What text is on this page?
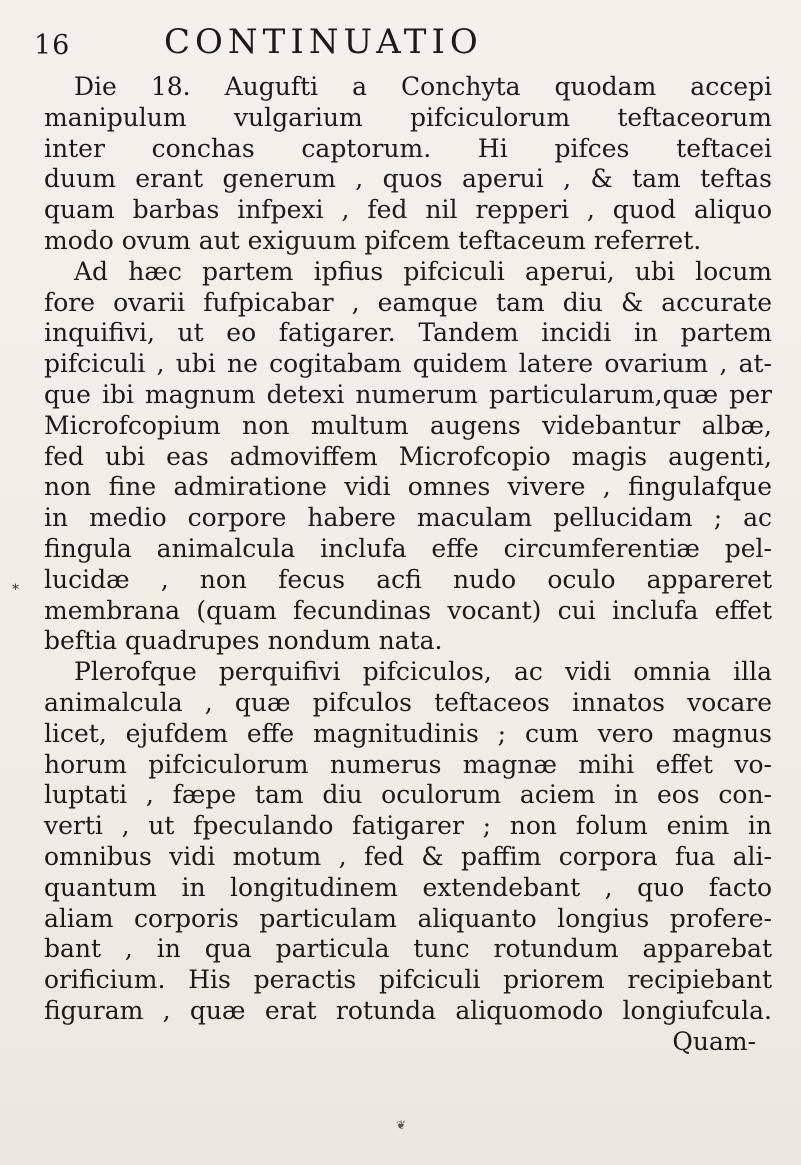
16	CONTINUATIO
*

Die 18. Augufti a Conchyta quodam accepi
manipulum vulgarium pifciculorum teftaceorum
inter conchas captorum. Hi pifces teftacei
duum erant generum , quos aperui , & tam teftas
quam barbas infpexi , fed nil repperi , quod aliquo
modo ovum aut exiguum pifcem teftaceum referret.

Ad hæc partem ipfius pifciculi aperui, ubi locum
fore ovarii fufpicabar , eamque tam diu & accurate
inquifivi, ut eo fatigarer. Tandem incidi in partem
pifciculi , ubi ne cogitabam quidem latere ovarium , at-
que ibi magnum detexi numerum particularum,quæ per
Microfcopium non multum augens videbantur albæ,
fed ubi eas admoviffem Microfcopio magis augenti,
non fine admiratione vidi omnes vivere , fingulafque
in medio corpore habere maculam pellucidam ; ac
fingula animalcula inclufa effe circumferentiæ pel-
lucidæ , non fecus acfi nudo oculo appareret
membrana (quam fecundinas vocant) cui inclufa effet
beftia quadrupes nondum nata.

Plerofque perquifivi pifciculos, ac vidi omnia illa
animalcula , quæ pifculos teftaceos innatos vocare
licet, ejufdem effe magnitudinis ; cum vero magnus
horum pifciculorum numerus magnæ mihi effet vo-
luptati , fæpe tam diu oculorum aciem in eos con-
verti , ut fpeculando fatigarer ; non folum enim in
omnibus vidi motum , fed & paffim corpora fua ali-
quantum in longitudinem extendebant , quo facto
aliam corporis particulam aliquanto longius profere-
bant , in qua particula tunc rotundum apparebat
orificium. His peractis pifciculi priorem recipiebant
figuram , quæ erat rotunda aliquomodo longiufcula.

Quam-
❦
